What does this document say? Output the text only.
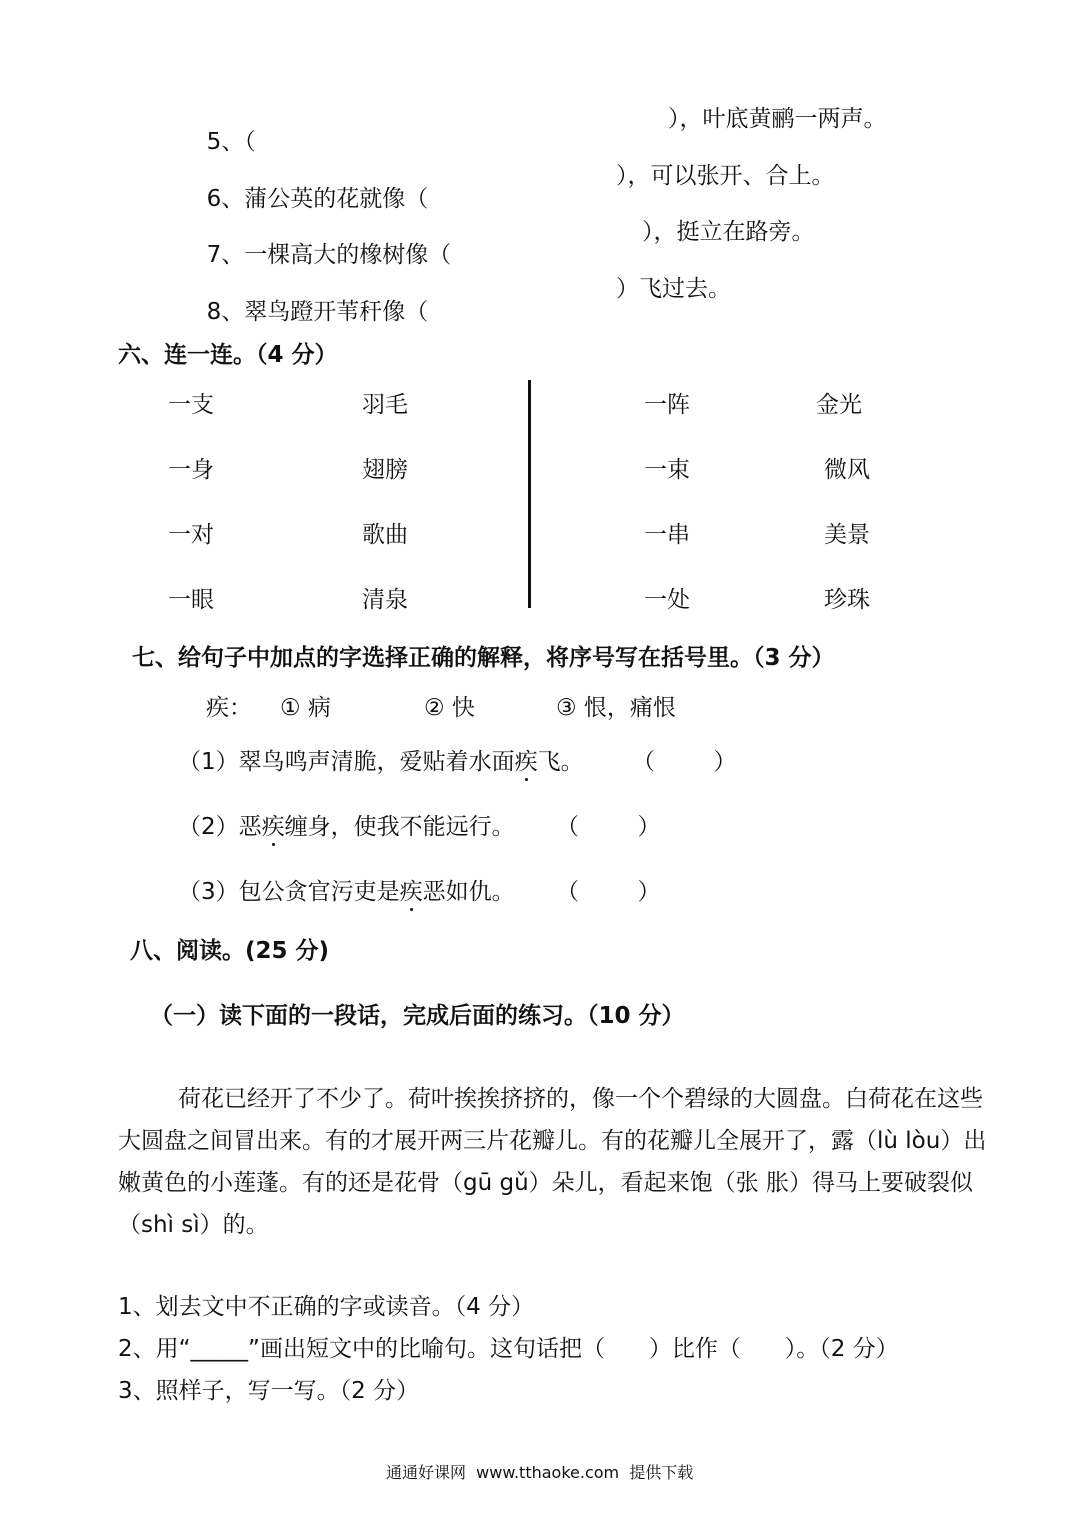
5、（

），叶底黄鹂一两声。

6、蒲公英的花就像（

），可以张开、合上。

7、一棵高大的橡树像（

），挺立在路旁。

8、翠鸟蹬开苇秆像（

）飞过去。
六、连一连。（4 分）
一支
一身
一对
一眼
羽毛
翅膀
歌曲
清泉
一阵
一束
一串
一处
金光
微风
美景
珍珠
七、给句子中加点的字选择正确的解释，将序号写在括号里。（3 分）
疾： ① 病	② 快	③ 恨，痛恨
（1）翠鸟鸣声清脆，爱贴着水面疾飞。 （        ）
（2）恶疾缠身，使我不能远行。 （        ）
（3）包公贪官污吏是疾恶如仇。 （        ）
八、阅读。(25 分)
（一）读下面的一段话，完成后面的练习。（10 分）
荷花已经开了不少了。荷叶挨挨挤挤的，像一个个碧绿的大圆盘。白荷花在这些大圆盘之间冒出来。有的才展开两三片花瓣儿。有的花瓣儿全展开了，露（lù lòu）出嫩黄色的小莲蓬。有的还是花骨（gū gǔ）朵儿，看起来饱（张 胀）得马上要破裂似（shì sì）的。
1、划去文中不正确的字或读音。（4 分）
2、用“_____”画出短文中的比喻句。这句话把（      ）比作（      ）。（2 分）
3、照样子，写一写。（2 分）
通通好课网  www.tthaoke.com  提供下载
